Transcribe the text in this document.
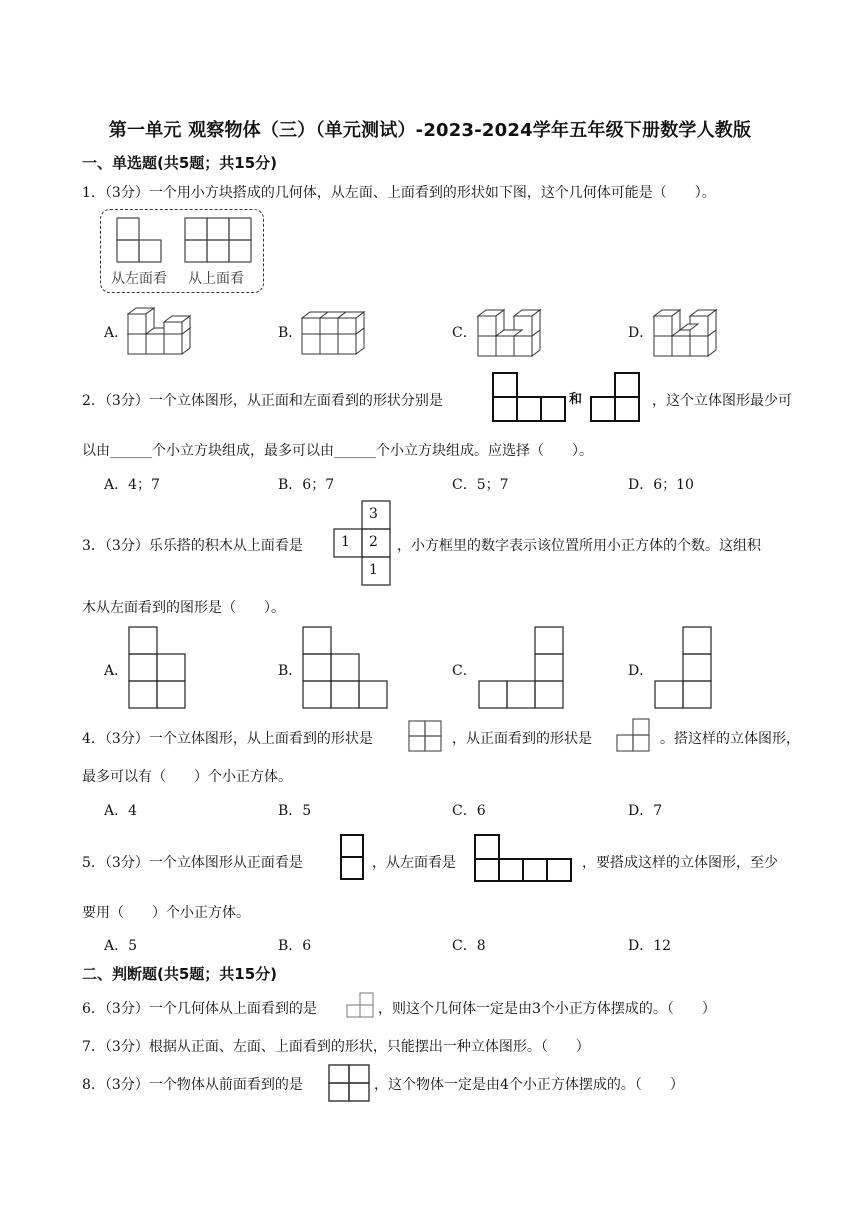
第一单元 观察物体（三）（单元测试）-2023-2024学年五年级下册数学人教版
一、单选题(共5题；共15分)
1．（3分）一个用小方块搭成的几何体，从左面、上面看到的形状如下图，这个几何体可能是（　　）。
从左面看 从上面看
A．	B．	C．	D．
2．（3分）一个立体图形，从正面和左面看到的形状分别是	和	，这个立体图形最少可
以由______个小立方块组成，最多可以由______个小立方块组成。应选择（　　）。
A．4；7	B．6；7	C．5；7	D．6；10
3．（3分）乐乐搭的积木从上面看是
3
1 2
1
，小方框里的数字表示该位置所用小正方体的个数。这组积
木从左面看到的图形是（　　）。
A．	B．	C．	D．
4．（3分）一个立体图形，从上面看到的形状是	，从正面看到的形状是	。搭这样的立体图形，
最多可以有（　　）个小正方体。
A．4	B．5	C．6	D．7
5．（3分）一个立体图形从正面看是	，从左面看是	，要搭成这样的立体图形，至少
要用（　　）个小正方体。
A．5	B．6	C．8	D．12
二、判断题(共5题；共15分)
6．（3分）一个几何体从上面看到的是	，则这个几何体一定是由3个小正方体摆成的。（　　）
7．（3分）根据从正面、左面、上面看到的形状，只能摆出一种立体图形。（　　）
8．（3分）一个物体从前面看到的是	，这个物体一定是由4个小正方体摆成的。（　　）
